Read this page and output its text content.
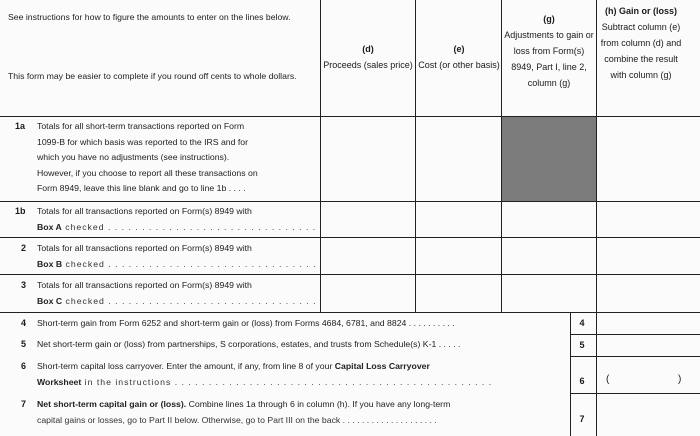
See instructions for how to figure the amounts to enter on the lines below.
This form may be easier to complete if you round off cents to whole dollars.
(d)
Proceeds (sales price)
(e)
Cost (or other basis)
(g)
Adjustments to gain or loss from Form(s) 8949, Part I, line 2, column (g)
(h) Gain or (loss)
Subtract column (e) from column (d) and combine the result with column (g)
1a Totals for all short-term transactions reported on Form
1099-B for which basis was reported to the IRS and for
which you have no adjustments (see instructions).
However, if you choose to report all these transactions on
Form 8949, leave this line blank and go to line 1b . . . .
1b Totals for all transactions reported on Form(s) 8949 with
Box A checked . . . . . . . . . . . . . . . . . . . . . . . . . . . . . . .
2 Totals for all transactions reported on Form(s) 8949 with
Box B checked . . . . . . . . . . . . . . . . . . . . . . . . . . . . . . .
3 Totals for all transactions reported on Form(s) 8949 with
Box C checked . . . . . . . . . . . . . . . . . . . . . . . . . . . . . . .
4 Short-term gain from Form 6252 and short-term gain or (loss) from Forms 4684, 6781, and 8824 . . . . . . . . . .	4
5 Net short-term gain or (loss) from partnerships, S corporations, estates, and trusts from Schedule(s) K-1 . . . . .	5
6 Short-term capital loss carryover. Enter the amount, if any, from line 8 of your Capital Loss Carryover
Worksheet in the instructions . . . . . . . . . . . . . . . . . . . . . . . . . . . . . . . . . . . . . . . . . . . . . . .	6	(	)
7 Net short-term capital gain or (loss). Combine lines 1a through 6 in column (h). If you have any long-term
capital gains or losses, go to Part II below. Otherwise, go to Part III on the back . . . . . . . . . . . . . . . . . . . .	7
